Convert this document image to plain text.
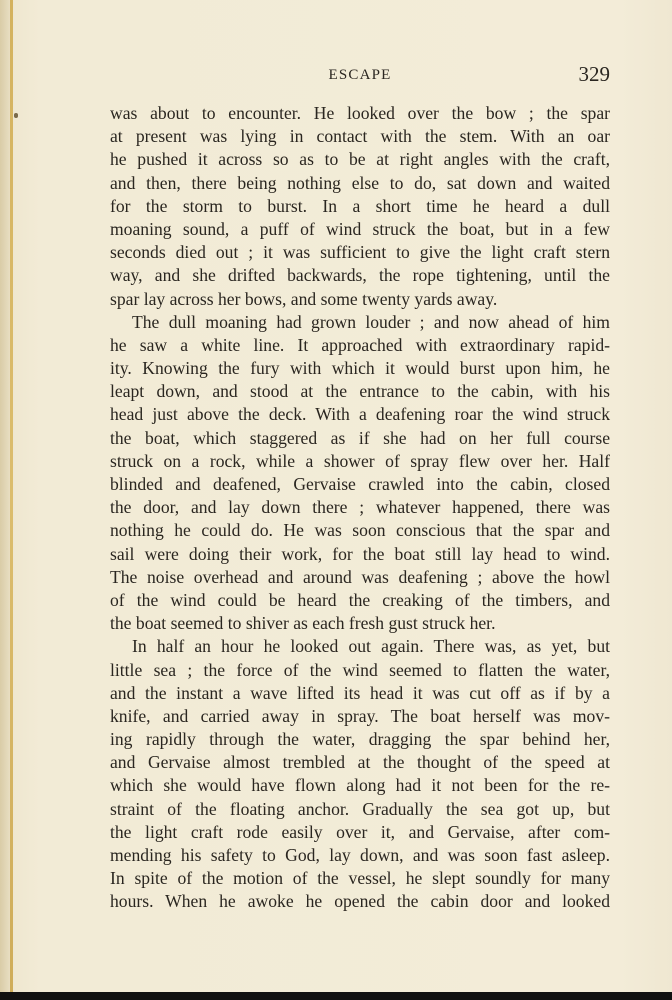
ESCAPE	329
was about to encounter. He looked over the bow ; the spar
at present was lying in contact with the stem. With an oar
he pushed it across so as to be at right angles with the craft,
and then, there being nothing else to do, sat down and waited
for the storm to burst. In a short time he heard a dull
moaning sound, a puff of wind struck the boat, but in a few
seconds died out ; it was sufficient to give the light craft stern
way, and she drifted backwards, the rope tightening, until the
spar lay across her bows, and some twenty yards away.
The dull moaning had grown louder ; and now ahead of him
he saw a white line. It approached with extraordinary rapid-
ity. Knowing the fury with which it would burst upon him, he
leapt down, and stood at the entrance to the cabin, with his
head just above the deck. With a deafening roar the wind struck
the boat, which staggered as if she had on her full course
struck on a rock, while a shower of spray flew over her. Half
blinded and deafened, Gervaise crawled into the cabin, closed
the door, and lay down there ; whatever happened, there was
nothing he could do. He was soon conscious that the spar and
sail were doing their work, for the boat still lay head to wind.
The noise overhead and around was deafening ; above the howl
of the wind could be heard the creaking of the timbers, and
the boat seemed to shiver as each fresh gust struck her.
In half an hour he looked out again. There was, as yet, but
little sea ; the force of the wind seemed to flatten the water,
and the instant a wave lifted its head it was cut off as if by a
knife, and carried away in spray. The boat herself was mov-
ing rapidly through the water, dragging the spar behind her,
and Gervaise almost trembled at the thought of the speed at
which she would have flown along had it not been for the re-
straint of the floating anchor. Gradually the sea got up, but
the light craft rode easily over it, and Gervaise, after com-
mending his safety to God, lay down, and was soon fast asleep.
In spite of the motion of the vessel, he slept soundly for many
hours. When he awoke he opened the cabin door and looked
